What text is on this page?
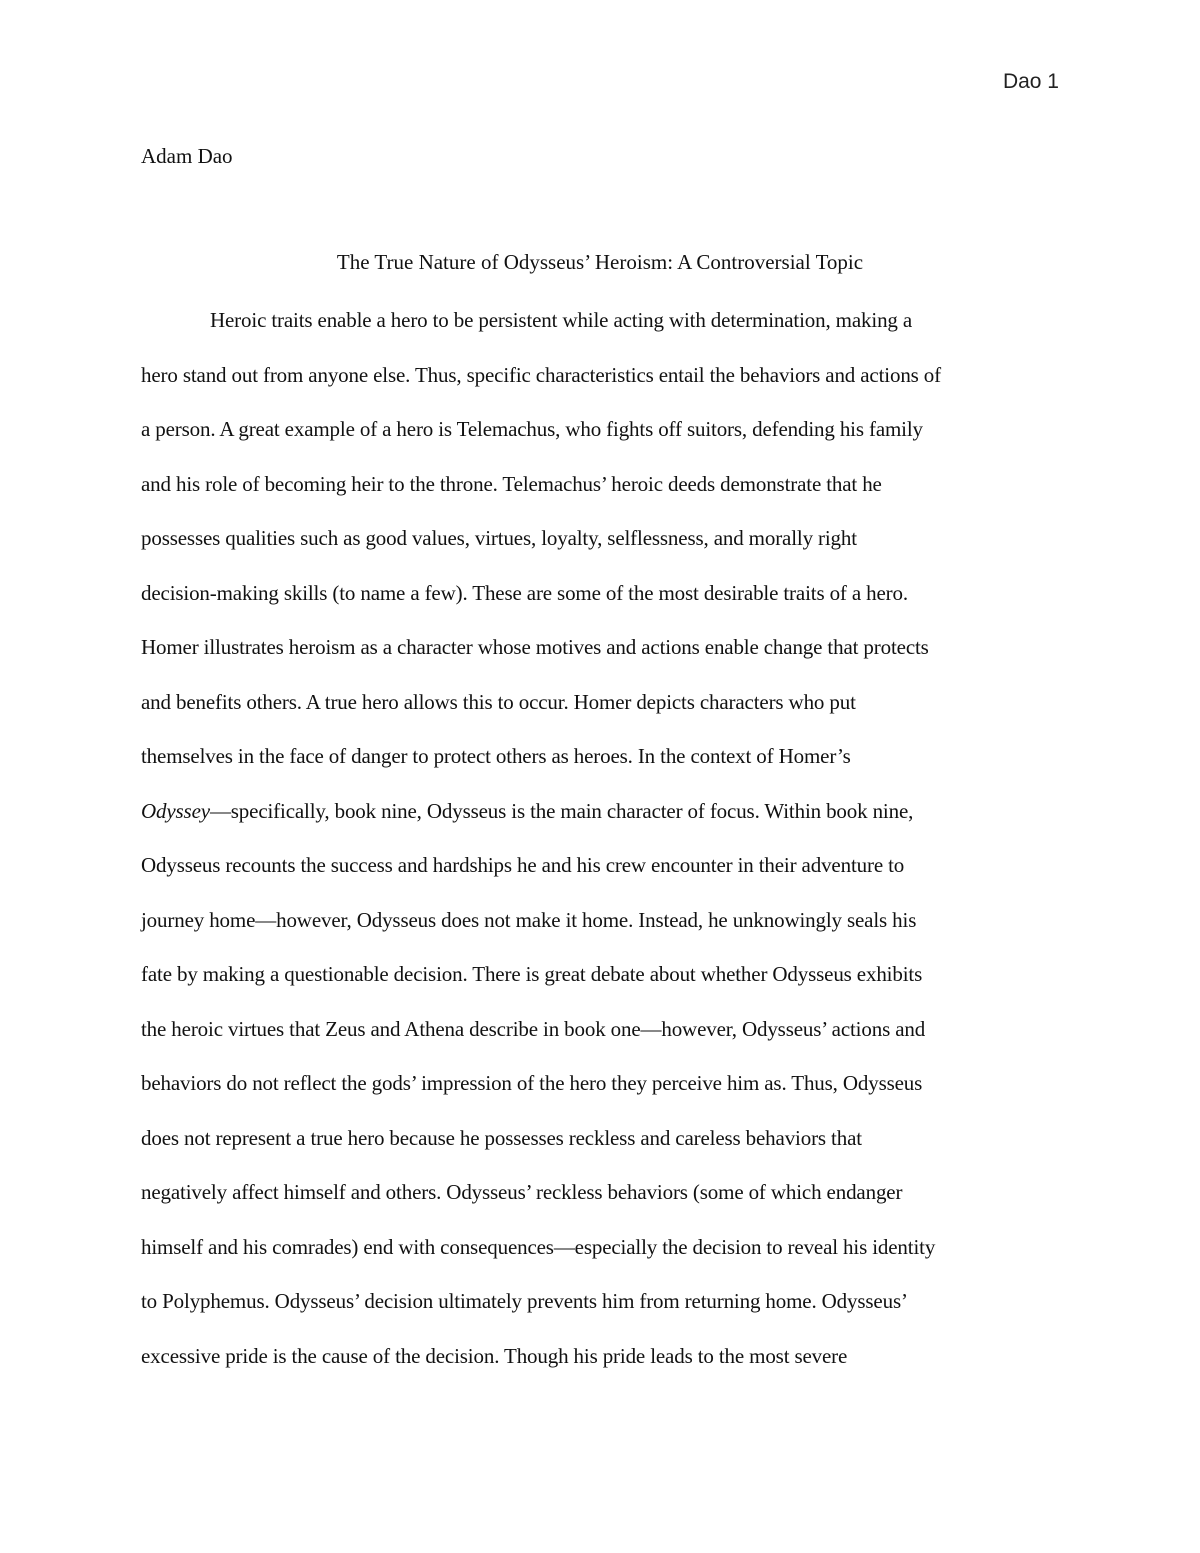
Dao 1

Adam Dao

The True Nature of Odysseus’ Heroism: A Controversial Topic

Heroic traits enable a hero to be persistent while acting with determination, making a
hero stand out from anyone else. Thus, specific characteristics entail the behaviors and actions of
a person. A great example of a hero is Telemachus, who fights off suitors, defending his family
and his role of becoming heir to the throne. Telemachus’ heroic deeds demonstrate that he
possesses qualities such as good values, virtues, loyalty, selflessness, and morally right
decision-making skills (to name a few). These are some of the most desirable traits of a hero.
Homer illustrates heroism as a character whose motives and actions enable change that protects
and benefits others. A true hero allows this to occur. Homer depicts characters who put
themselves in the face of danger to protect others as heroes. In the context of Homer’s
Odyssey—specifically, book nine, Odysseus is the main character of focus. Within book nine,
Odysseus recounts the success and hardships he and his crew encounter in their adventure to
journey home—however, Odysseus does not make it home. Instead, he unknowingly seals his
fate by making a questionable decision. There is great debate about whether Odysseus exhibits
the heroic virtues that Zeus and Athena describe in book one—however, Odysseus’ actions and
behaviors do not reflect the gods’ impression of the hero they perceive him as. Thus, Odysseus
does not represent a true hero because he possesses reckless and careless behaviors that
negatively affect himself and others. Odysseus’ reckless behaviors (some of which endanger
himself and his comrades) end with consequences—especially the decision to reveal his identity
to Polyphemus. Odysseus’ decision ultimately prevents him from returning home. Odysseus’
excessive pride is the cause of the decision. Though his pride leads to the most severe
